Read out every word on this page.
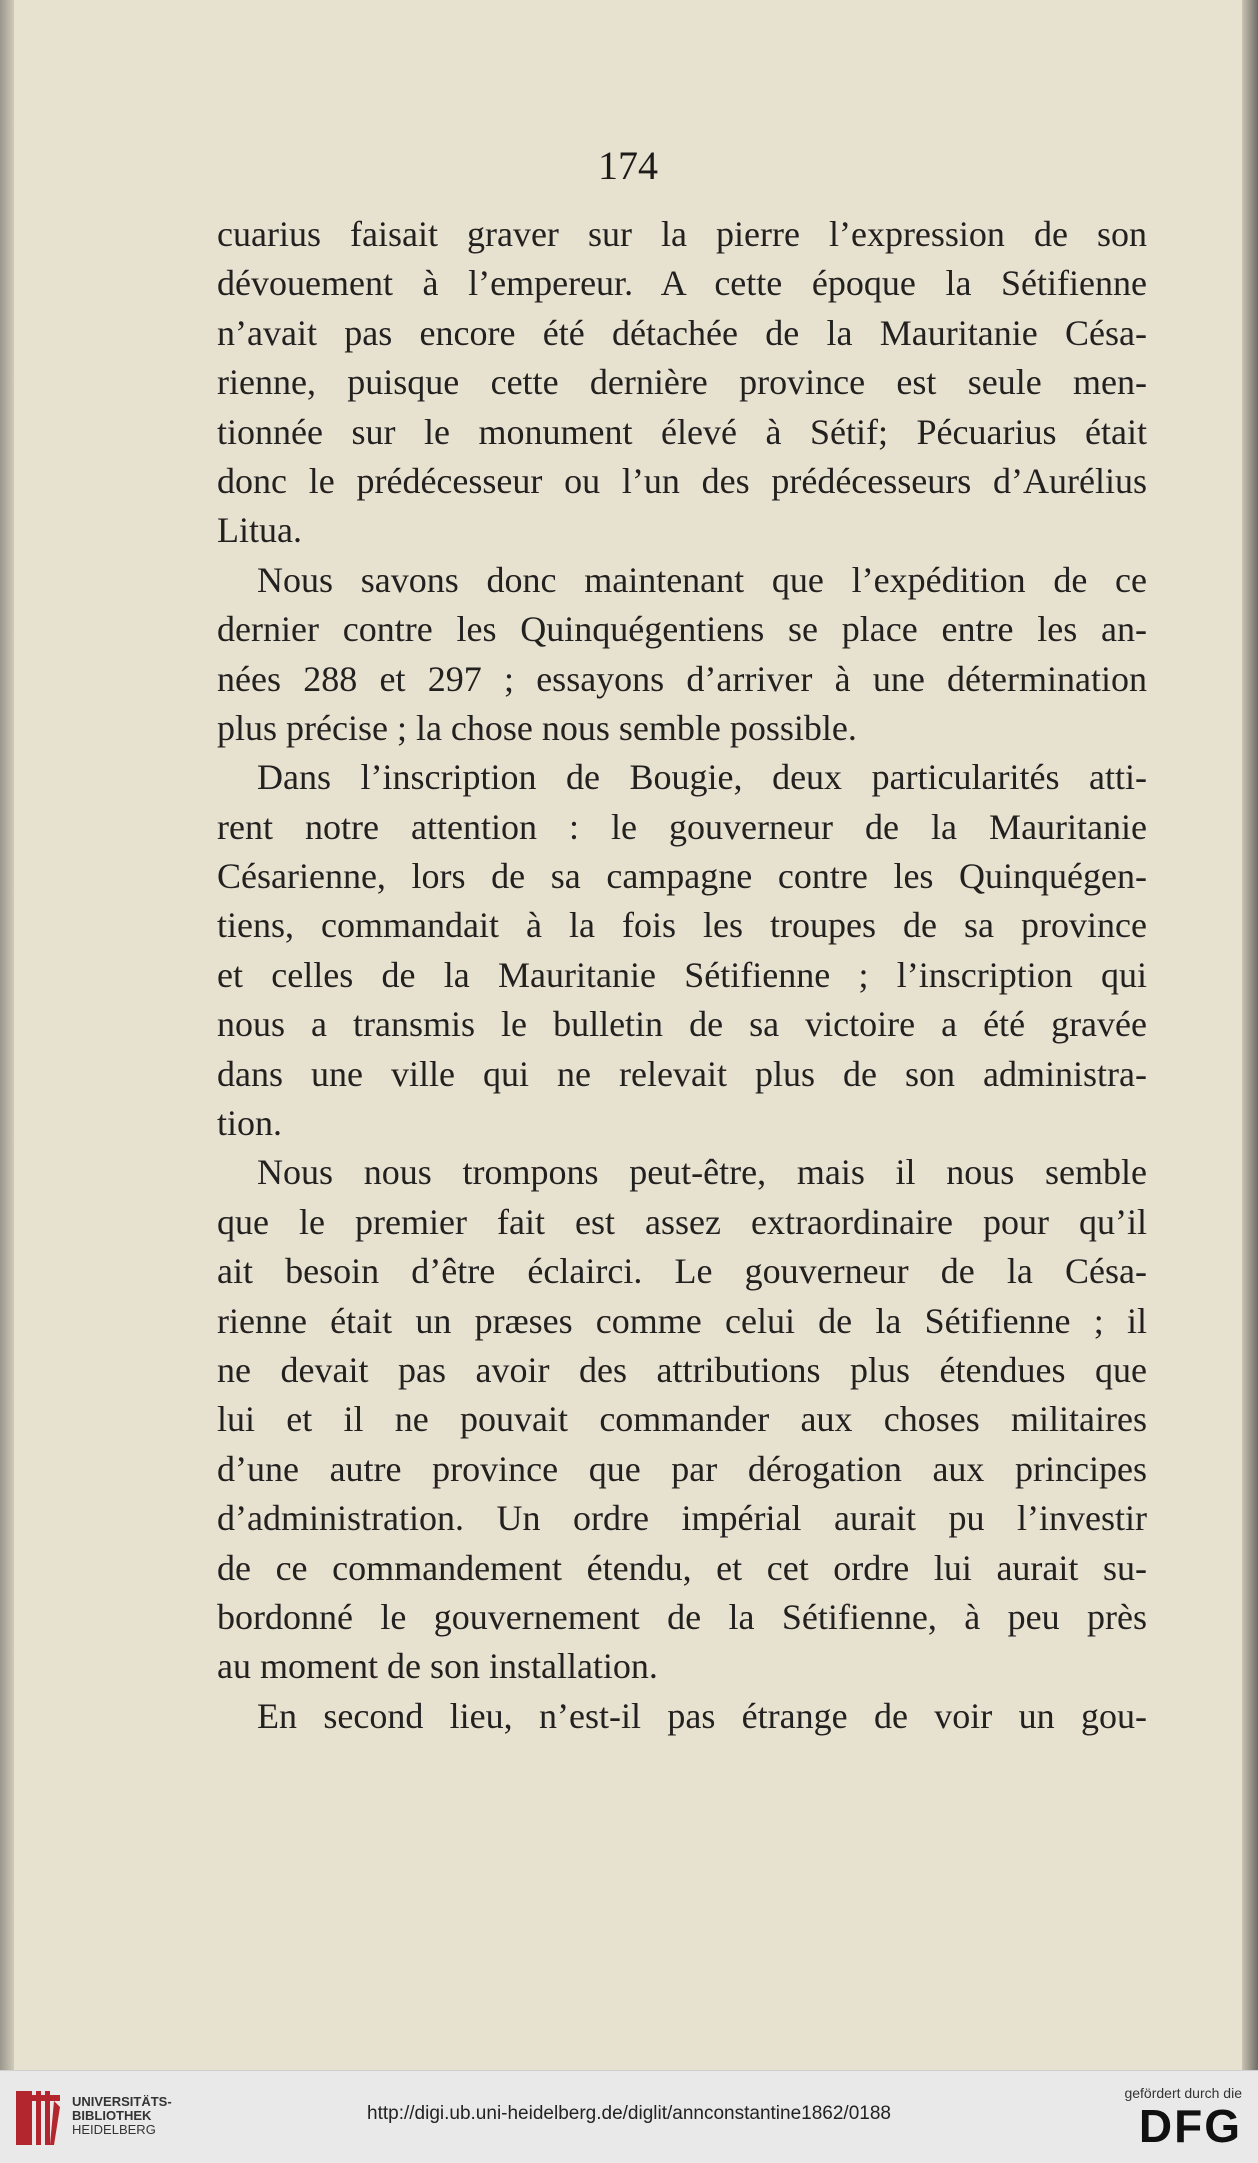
174
cuarius faisait graver sur la pierre l’expression de son
dévouement à l’empereur. A cette époque la Sétifienne
n’avait pas encore été détachée de la Mauritanie Césa-
rienne, puisque cette dernière province est seule men-
tionnée sur le monument élevé à Sétif; Pécuarius était
donc le prédécesseur ou l’un des prédécesseurs d’Aurélius
Litua.
Nous savons donc maintenant que l’expédition de ce
dernier contre les Quinquégentiens se place entre les an-
nées 288 et 297 ; essayons d’arriver à une détermination
plus précise ; la chose nous semble possible.
Dans l’inscription de Bougie, deux particularités atti-
rent notre attention : le gouverneur de la Mauritanie
Césarienne, lors de sa campagne contre les Quinquégen-
tiens, commandait à la fois les troupes de sa province
et celles de la Mauritanie Sétifienne ; l’inscription qui
nous a transmis le bulletin de sa victoire a été gravée
dans une ville qui ne relevait plus de son administra-
tion.
Nous nous trompons peut-être, mais il nous semble
que le premier fait est assez extraordinaire pour qu’il
ait besoin d’être éclairci. Le gouverneur de la Césa-
rienne était un præses comme celui de la Sétifienne ; il
ne devait pas avoir des attributions plus étendues que
lui et il ne pouvait commander aux choses militaires
d’une autre province que par dérogation aux principes
d’administration. Un ordre impérial aurait pu l’investir
de ce commandement étendu, et cet ordre lui aurait su-
bordonné le gouvernement de la Sétifienne, à peu près
au moment de son installation.
En second lieu, n’est-il pas étrange de voir un gou-
UNIVERSITÄTS-
BIBLIOTHEK
HEIDELBERG
http://digi.ub.uni-heidelberg.de/diglit/annconstantine1862/0188
gefördert durch die
DFG
